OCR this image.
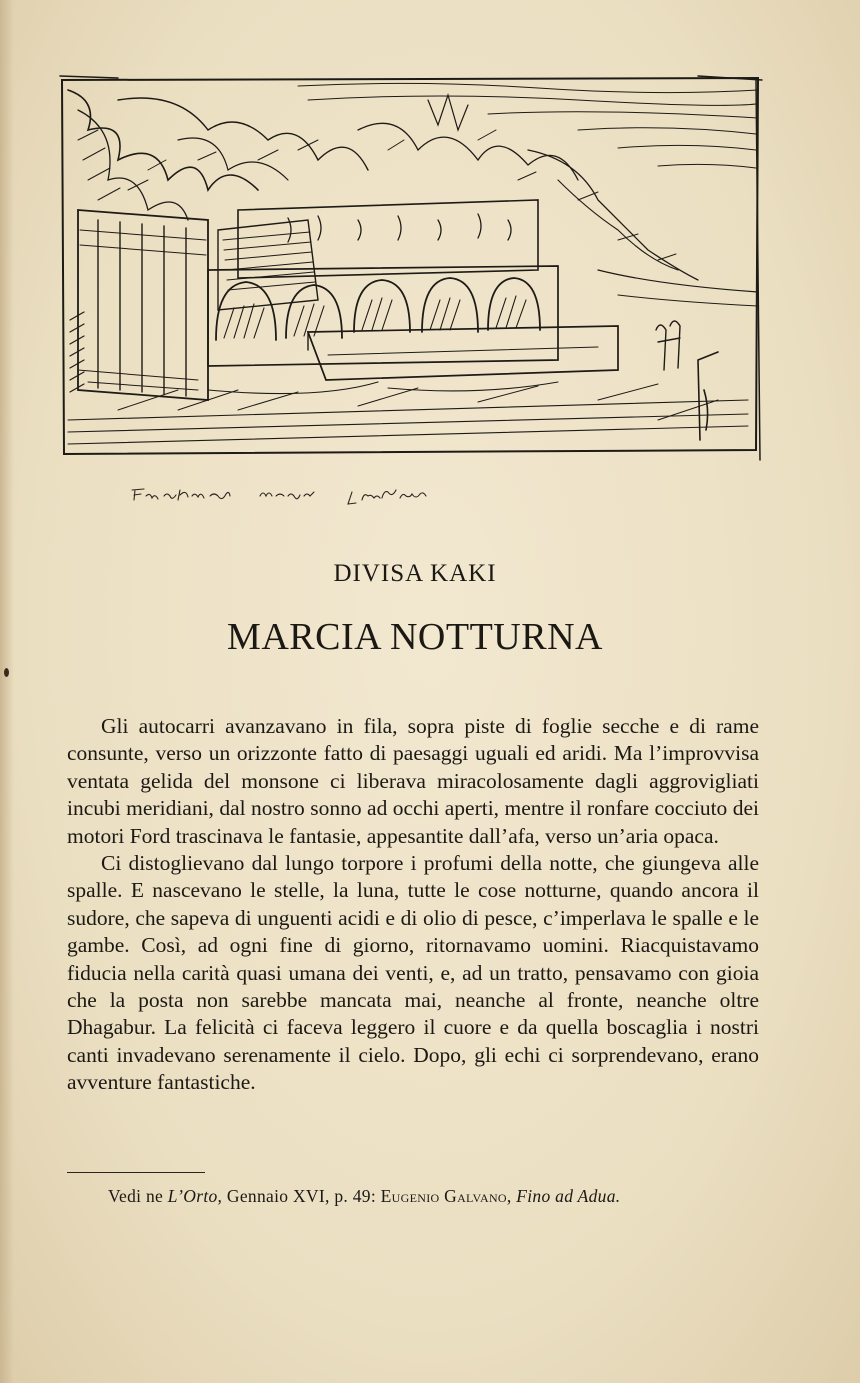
DIVISA KAKI
MARCIA NOTTURNA

Gli autocarri avanzavano in fila, sopra piste di foglie secche e di rame consunte, verso un orizzonte fatto di paesaggi uguali ed aridi. Ma l’improvvisa ventata gelida del monsone ci liberava miracolosamente dagli aggrovigliati incubi meridiani, dal nostro sonno ad occhi aperti, mentre il ronfare cocciuto dei motori Ford trascinava le fantasie, appesantite dall’afa, verso un’aria opaca.

Ci distoglievano dal lungo torpore i profumi della notte, che giungeva alle spalle. E nascevano le stelle, la luna, tutte le cose notturne, quando ancora il sudore, che sapeva di unguenti acidi e di olio di pesce, c’imperlava le spalle e le gambe. Così, ad ogni fine di giorno, ritornavamo uomini. Riacquistavamo fiducia nella carità quasi umana dei venti, e, ad un tratto, pensavamo con gioia che la posta non sarebbe mancata mai, neanche al fronte, neanche oltre Dhagabur. La felicità ci faceva leggero il cuore e da quella boscaglia i nostri canti invadevano serenamente il cielo. Dopo, gli echi ci sorprendevano, erano avventure fantastiche.

Vedi ne L’Orto, Gennaio XVI, p. 49: Eugenio Galvano, Fino ad Adua.
